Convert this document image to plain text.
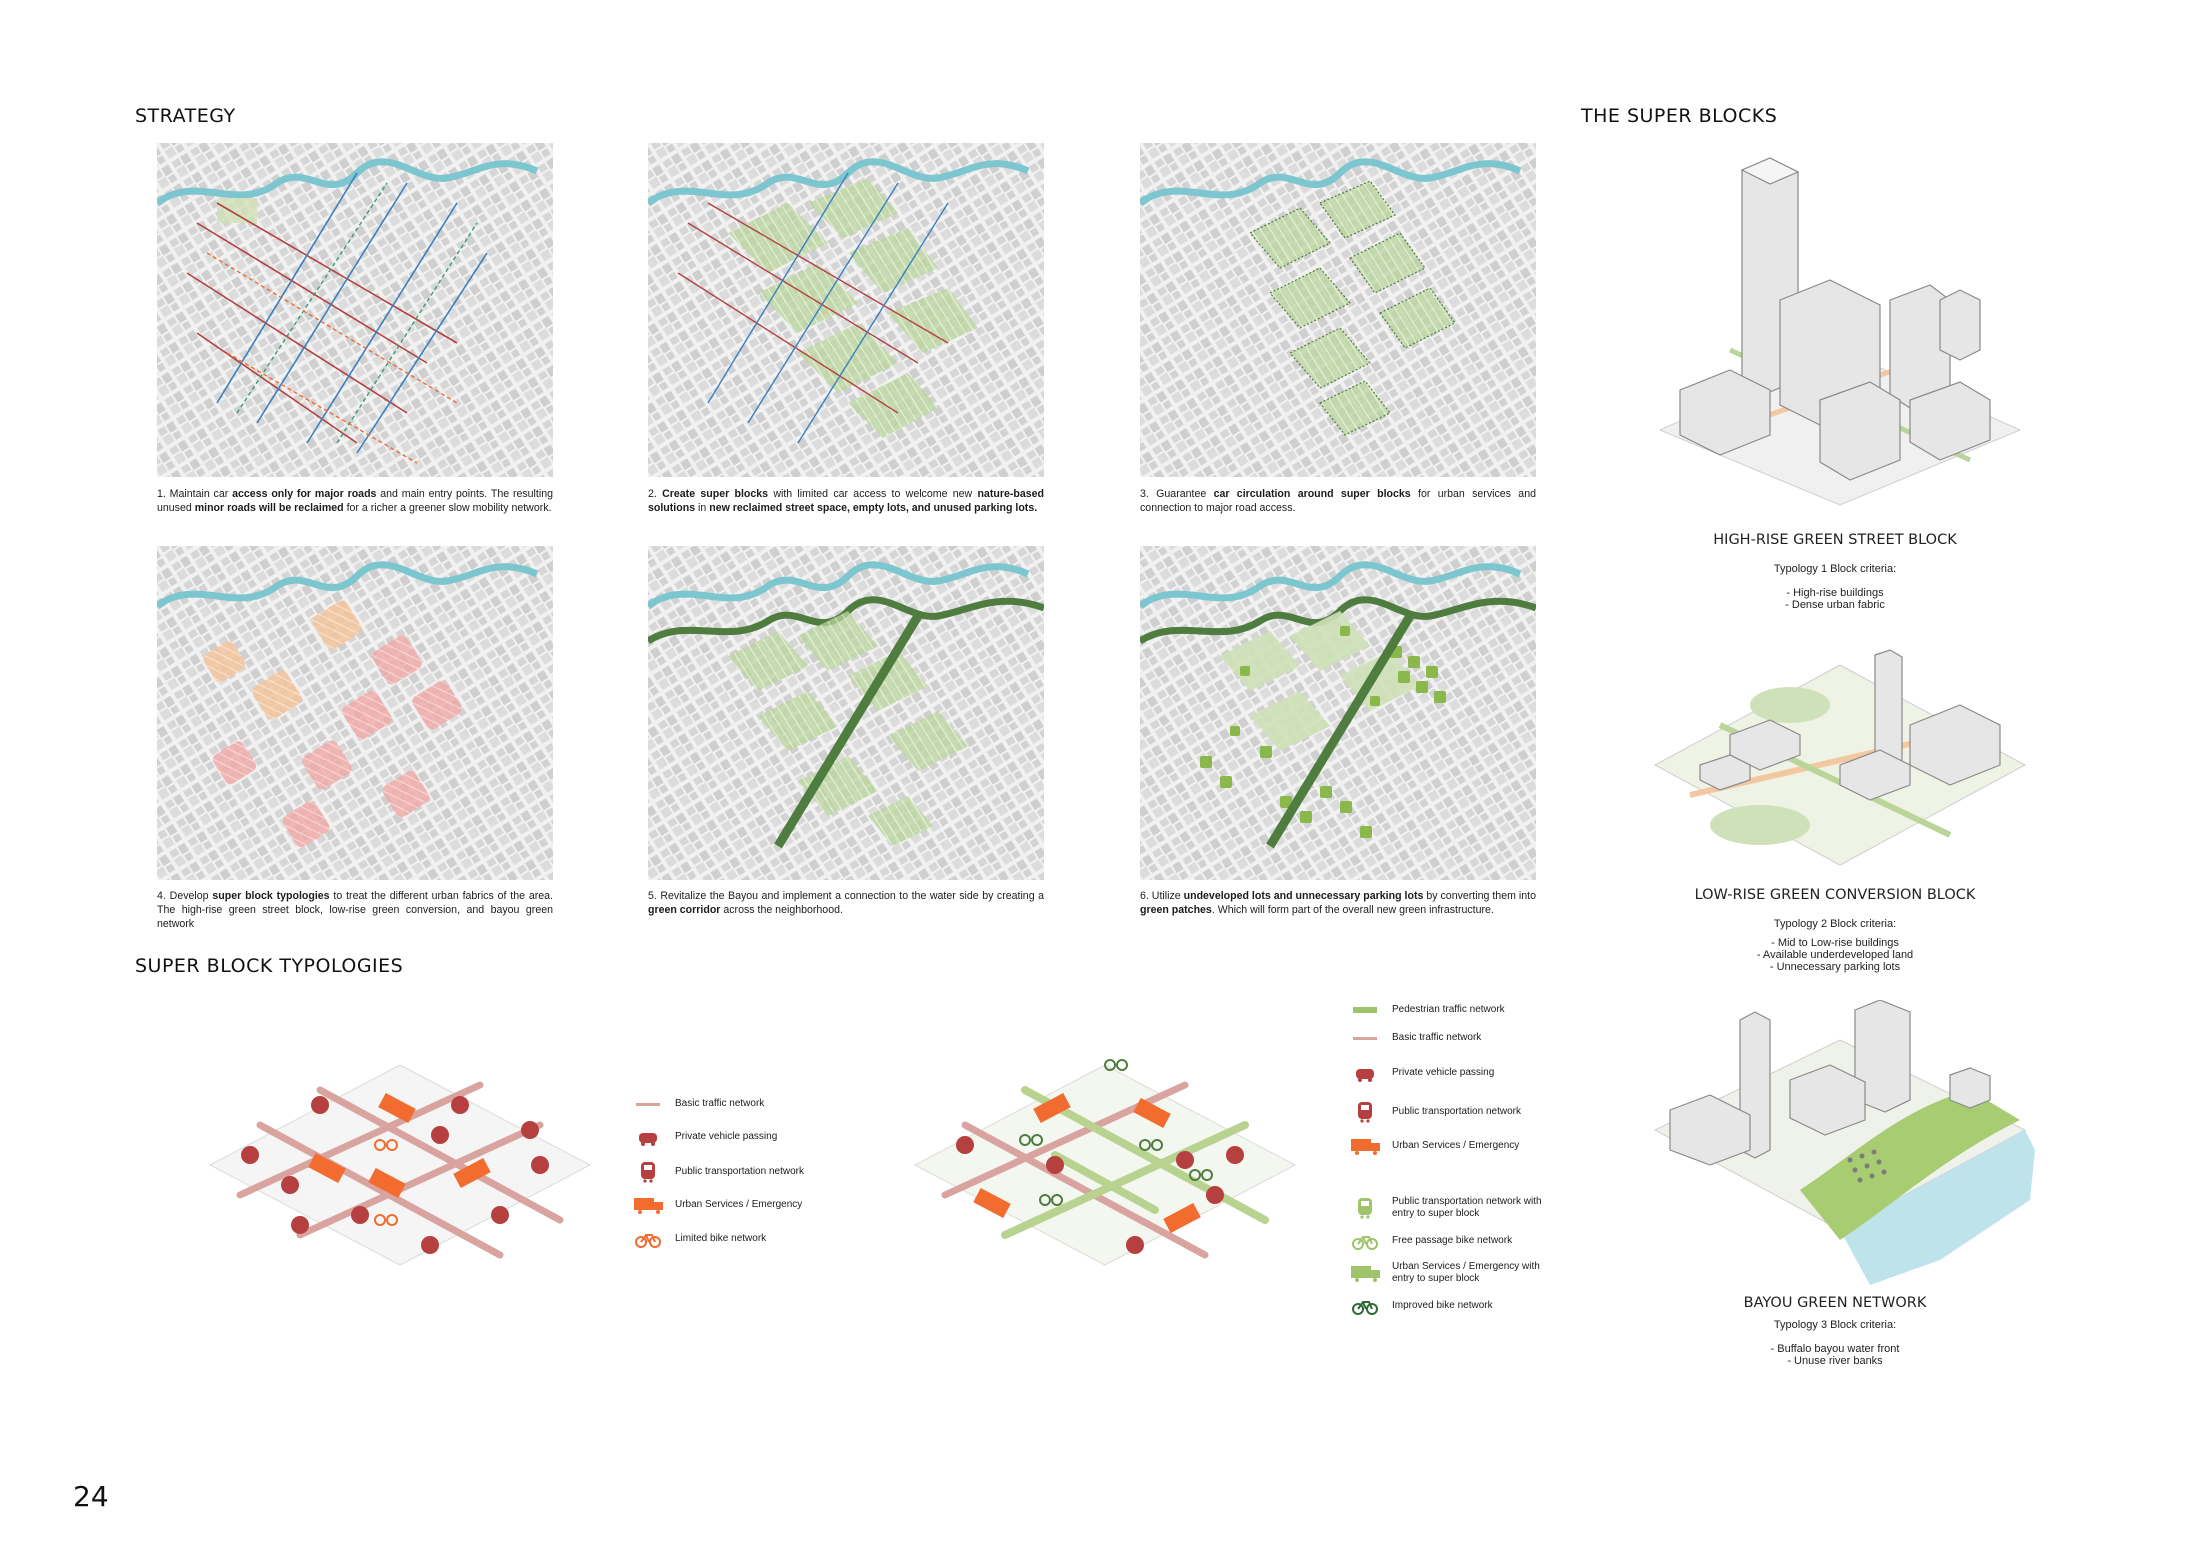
STRATEGY
1. Maintain car access only for major roads and main entry points. The resulting unused minor roads will be reclaimed for a richer a greener slow mobility network.
2. Create super blocks with limited car access to welcome new nature-based solutions in new reclaimed street space, empty lots, and unused parking lots.
3. Guarantee car circulation around super blocks for urban services and connection to major road access.
4. Develop super block typologies to treat the different urban fabrics of the area. The high-rise green street block, low-rise green conversion, and bayou green network
5. Revitalize the Bayou and implement a connection to the water side by creating a green corridor across the neighborhood.
6. Utilize undeveloped lots and unnecessary parking lots by converting them into green patches. Which will form part of the overall new green infrastructure.
SUPER BLOCK TYPOLOGIES
Basic traffic network
Private vehicle passing
Public transportation network
Urban Services / Emergency
Limited bike network
Pedestrian traffic network
Basic traffic network
Private vehicle passing
Public transportation network
Urban Services / Emergency
Public transportation network with entry to super block
Free passage bike network
Urban Services / Emergency with entry to super block
Improved bike network
THE SUPER BLOCKS
HIGH-RISE GREEN STREET BLOCK
Typology 1 Block criteria:
- High-rise buildings
- Dense urban fabric
LOW-RISE GREEN CONVERSION BLOCK
Typology 2 Block criteria:
- Mid to Low-rise buildings
- Available underdeveloped land
- Unnecessary parking lots
BAYOU GREEN NETWORK
Typology 3 Block criteria:
- Buffalo bayou water front
- Unuse river banks
24
